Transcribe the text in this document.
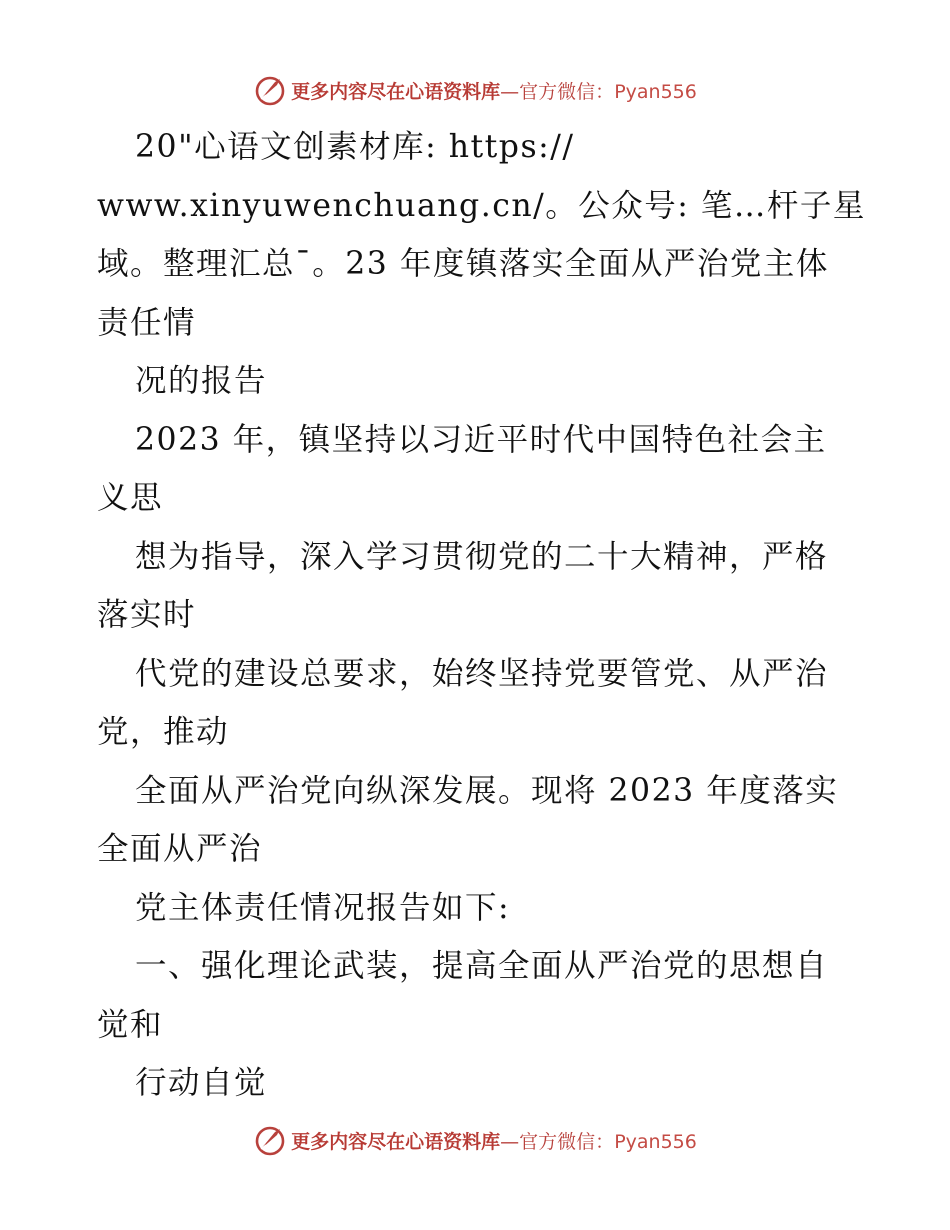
更多内容尽在心语资料库—官方微信：Pyan556
20"心语文创素材库: https://
www.xinyuwenchuang.cn/。公众号: 笔…杆子星
域。整理汇总¯。23 年度镇落实全面从严治党主体
责任情
况的报告
2023 年，镇坚持以习近平时代中国特色社会主
义思
想为指导，深入学习贯彻党的二十大精神，严格
落实时
代党的建设总要求，始终坚持党要管党、从严治
党，推动
全面从严治党向纵深发展。现将 2023 年度落实
全面从严治
党主体责任情况报告如下:
一、强化理论武装，提高全面从严治党的思想自
觉和
行动自觉
更多内容尽在心语资料库—官方微信：Pyan556
